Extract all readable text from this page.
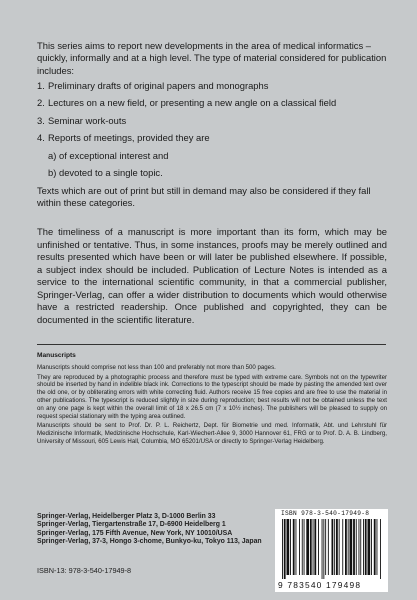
This series aims to report new developments in the area of medical informatics – quickly, informally and at a high level. The type of material considered for publication includes:

1. Preliminary drafts of original papers and monographs
2. Lectures on a new field, or presenting a new angle on a classical field
3. Seminar work-outs
4. Reports of meetings, provided they are
a) of exceptional interest and
b) devoted to a single topic.

Texts which are out of print but still in demand may also be considered if they fall within these categories.

The timeliness of a manuscript is more important than its form, which may be unfinished or tentative. Thus, in some instances, proofs may be merely outlined and results presented which have been or will later be published elsewhere. If possible, a subject index should be included. Publication of Lecture Notes is intended as a service to the international scientific community, in that a commercial publisher, Springer-Verlag, can offer a wider distribution to documents which would otherwise have a restricted readership. Once published and copyrighted, they can be documented in the scientific literature.

Manuscripts

Manuscripts should comprise not less than 100 and preferably not more than 500 pages.

They are reproduced by a photographic process and therefore must be typed with extreme care. Symbols not on the typewriter should be inserted by hand in indelible black ink. Corrections to the typescript should be made by pasting the amended text over the old one, or by obliterating errors with white correcting fluid. Authors receive 15 free copies and are free to use the material in other publications. The typescript is reduced slightly in size during reproduction; best results will not be obtained unless the text on any one page is kept within the overall limit of 18 x 26.5 cm (7 x 10½ inches). The publishers will be pleased to supply on request special stationary with the typing area outlined.

Manuscripts should be sent to Prof. Dr. P. L. Reichertz, Dept. für Biometrie und med. Informatik, Abt. und Lehrstuhl für Medizinische Informatik, Medizinische Hochschule, Karl-Wiechert-Allee 9, 3000 Hannover 61, FRG or to Prof. D. A. B. Lindberg, University of Missouri, 605 Lewis Hall, Columbia, MO 65201/USA or directly to Springer-Verlag Heidelberg.

Springer-Verlag, Heidelberger Platz 3, D-1000 Berlin 33
Springer-Verlag, Tiergartenstraße 17, D-6900 Heidelberg 1
Springer-Verlag, 175 Fifth Avenue, New York, NY 10010/USA
Springer-Verlag, 37-3, Hongo 3-chome, Bunkyo-ku, Tokyo 113, Japan
ISBN-13: 978-3-540-17949-8
ISBN 978-3-540-17949-8
9 783540 179498
